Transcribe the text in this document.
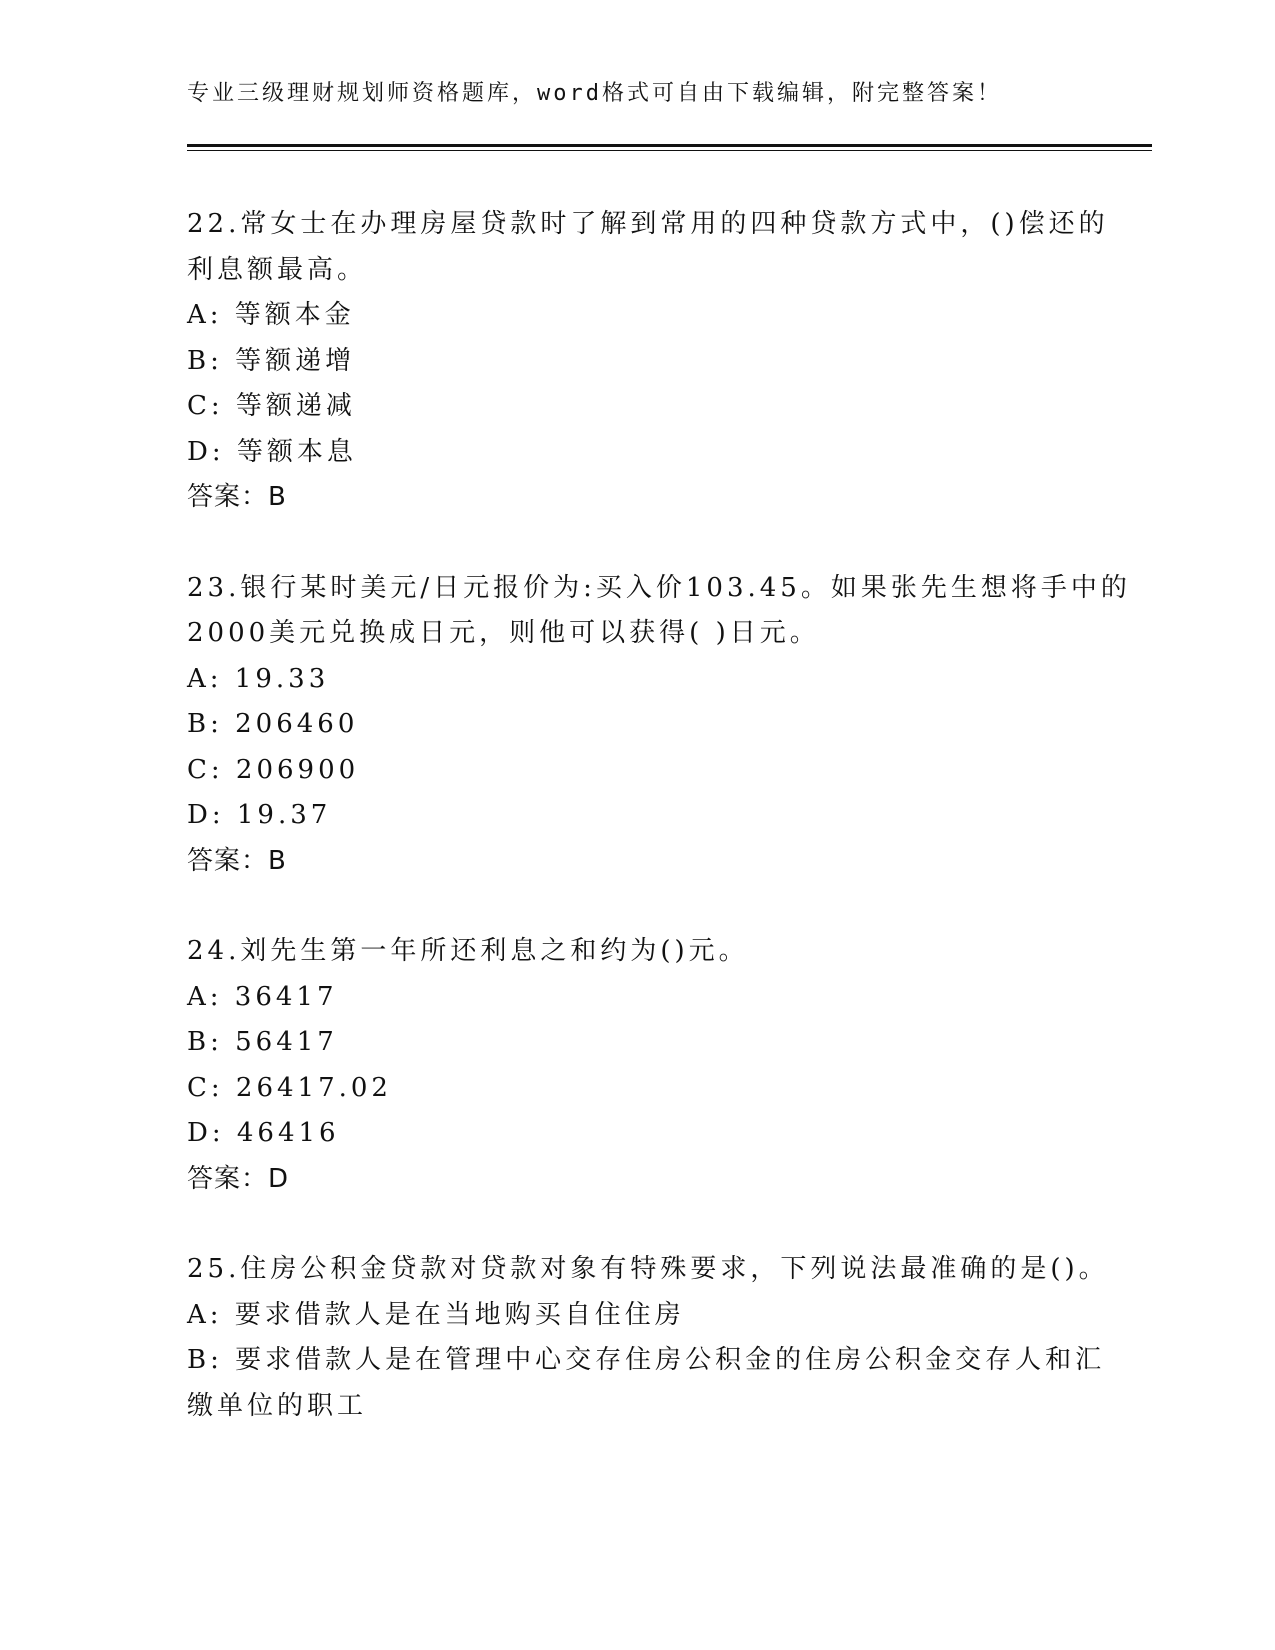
专业三级理财规划师资格题库，word格式可自由下载编辑，附完整答案！
22.常女士在办理房屋贷款时了解到常用的四种贷款方式中，()偿还的
利息额最高。
A: 等额本金
B: 等额递增
C: 等额递减
D: 等额本息
答案：B
23.银行某时美元/日元报价为:买入价103.45。如果张先生想将手中的
2000美元兑换成日元，则他可以获得( )日元。
A: 19.33
B: 206460
C: 206900
D: 19.37
答案：B
24.刘先生第一年所还利息之和约为()元。
A: 36417
B: 56417
C: 26417.02
D: 46416
答案：D
25.住房公积金贷款对贷款对象有特殊要求，下列说法最准确的是()。
A: 要求借款人是在当地购买自住住房
B: 要求借款人是在管理中心交存住房公积金的住房公积金交存人和汇
缴单位的职工
